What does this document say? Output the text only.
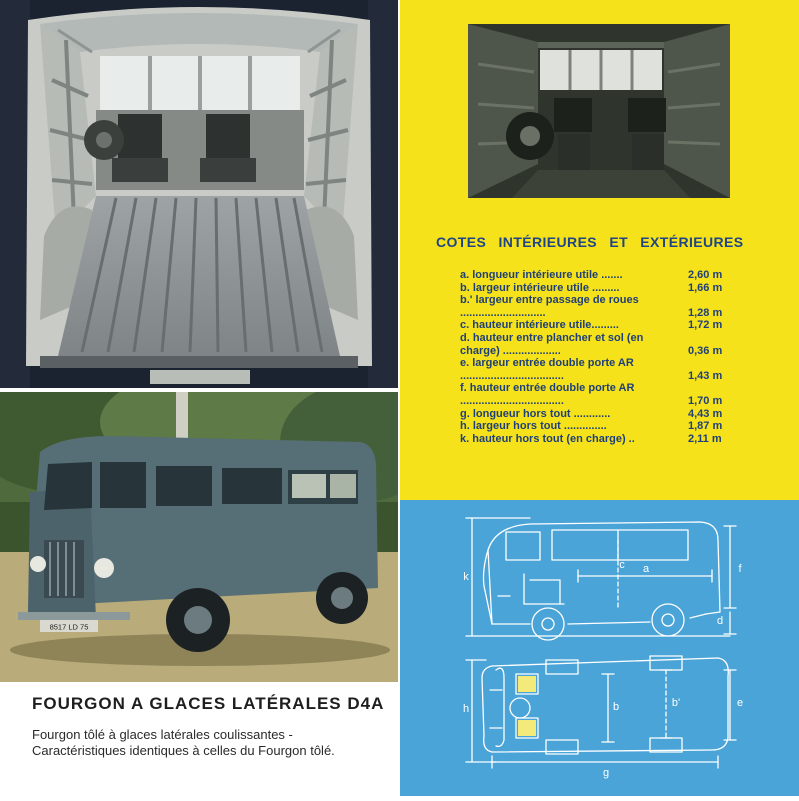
8517 LD 75
FOURGON A GLACES LATÉRALES D4A
Fourgon tôlé à glaces latérales coulissantes - Caractéristiques identiques à celles du Fourgon tôlé.
COTES INTÉRIEURES ET EXTÉRIEURES
a. longueur intérieure utile .......	2,60 m
b. largeur intérieure utile .........	1,66 m
b.' largeur entre passage de roues ............................	1,28 m
c. hauteur intérieure utile.........	1,72 m
d. hauteur entre plancher et sol (en charge) ...................	0,36 m
e. largeur entrée double porte AR ..................................	1,43 m
f. hauteur entrée double porte AR ..................................	1,70 m
g. longueur hors tout ............	4,43 m
h. largeur hors tout ..............	1,87 m
k. hauteur hors tout (en charge) ..	2,11 m
k
c a	f
d
h	b	b'	e
g
